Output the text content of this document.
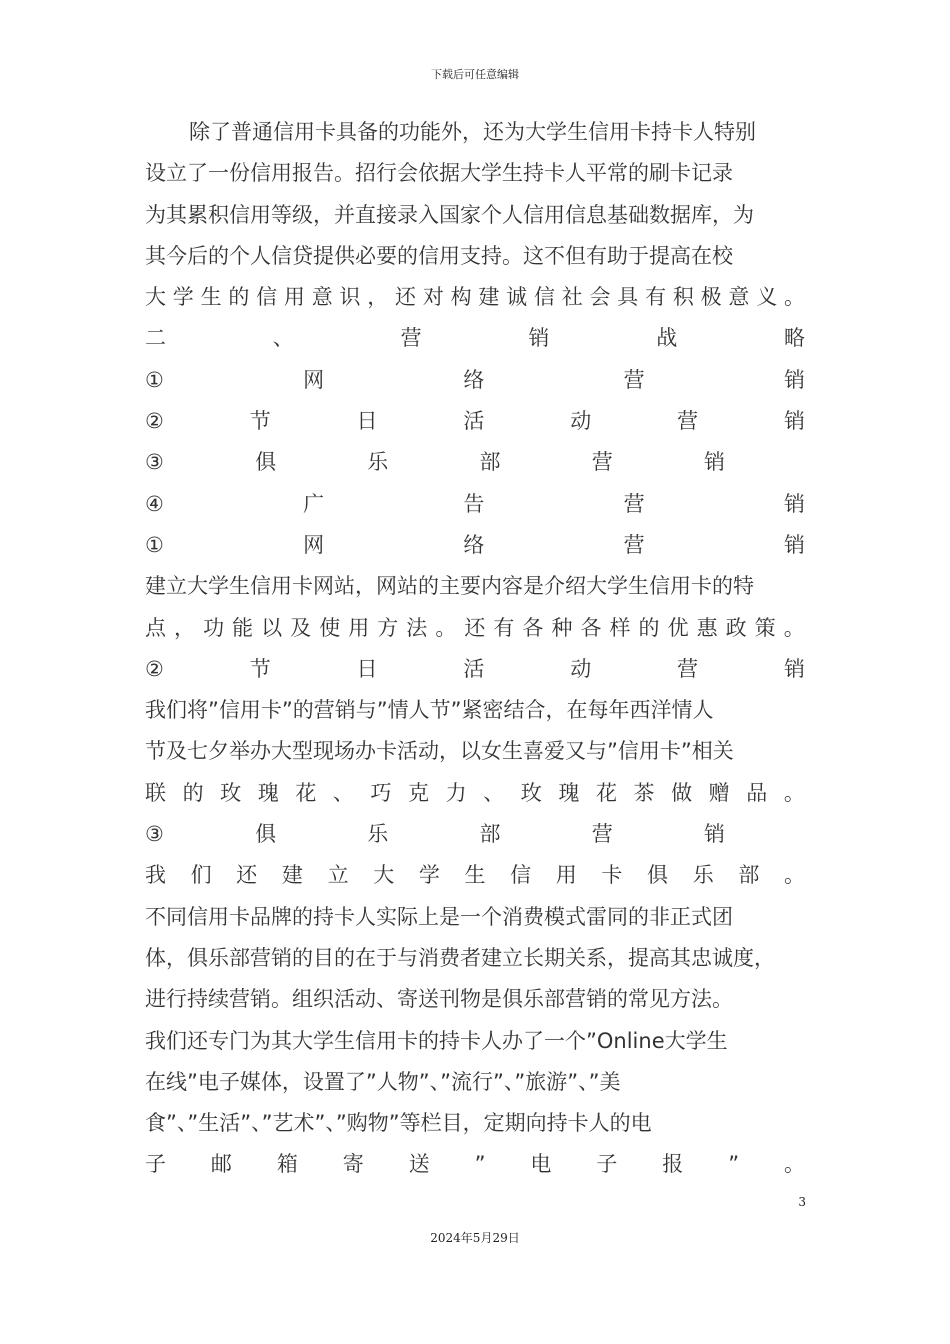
下载后可任意编辑
除了普通信用卡具备的功能外，还为大学生信用卡持卡人特别
设立了一份信用报告。招行会依据大学生持卡人平常的刷卡记录
为其累积信用等级，并直接录入国家个人信用信息基础数据库，为
其今后的个人信贷提供必要的信用支持。这不但有助于提高在校
大 学 生 的 信 用 意 识 ， 还 对 构 建 诚 信 社 会 具 有 积 极 意 义 。
二	、	营	销	战	略
①	网	络	营	销
②	节	日	活	动	营	销
③	俱	乐	部	营	销
④	广	告	营	销
①	网	络	营	销
建立大学生信用卡网站，网站的主要内容是介绍大学生信用卡的特
点 ， 功 能 以 及 使 用 方 法 。 还 有 各 种 各 样 的 优 惠 政 策 。
②	节	日	活	动	营	销
我们将”信用卡”的营销与”情人节”紧密结合，在每年西洋情人
节及七夕举办大型现场办卡活动，以女生喜爱又与”信用卡”相关
联 的 玫 瑰 花 、 巧 克 力 、 玫 瑰 花 茶 做 赠 品 。
③	俱	乐	部	营	销
我 们 还 建 立 大 学 生 信 用 卡 俱 乐 部 。
不同信用卡品牌的持卡人实际上是一个消费模式雷同的非正式团
体，俱乐部营销的目的在于与消费者建立长期关系，提高其忠诚度，
进行持续营销。组织活动、寄送刊物是俱乐部营销的常见方法。
我们还专门为其大学生信用卡的持卡人办了一个”Online大学生
在线”电子媒体，设置了”人物”、”流行”、”旅游”、”美
食”、”生活”、”艺术”、”购物”等栏目，定期向持卡人的电
子 邮 箱 寄 送 ” 电 子 报 ” 。
3
2024年5月29日
